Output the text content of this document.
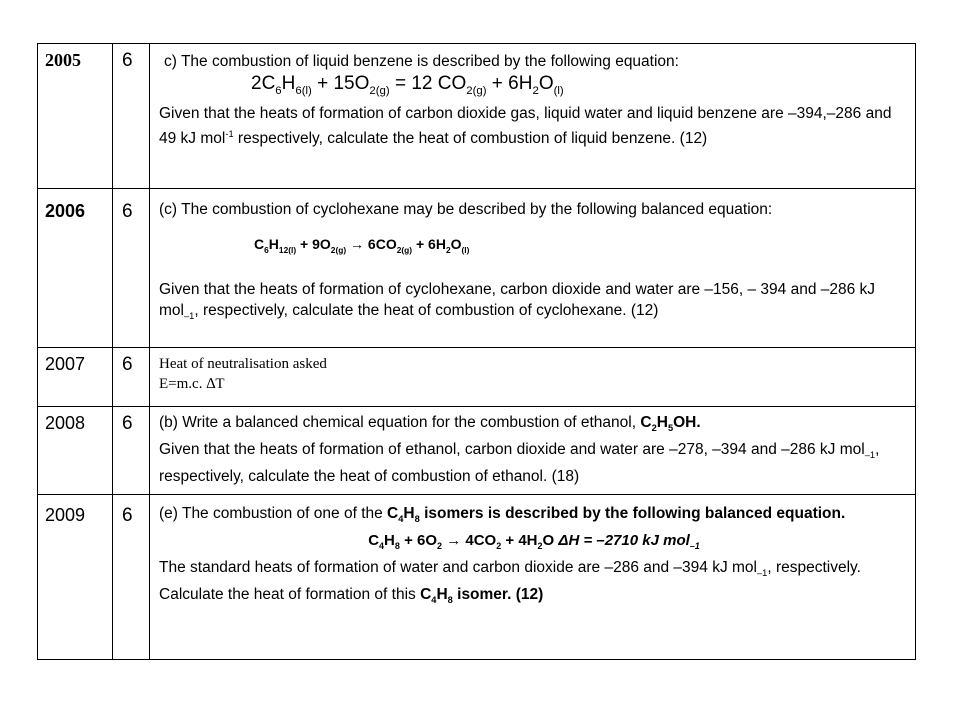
2005	6	c) The combustion of liquid benzene is described by the following equation:
$2C_6H_{6(l)} + 15O_{2(g)} = 12$ $CO_{2(g)} + 6H_2O_{(l)}$
Given that the heats of formation of carbon dioxide gas, liquid water and liquid benzene are –394,–286 and 49 kJ mol$^{-1}$ respectively, calculate the heat of combustion of liquid benzene. (12)

2006	6	(c) The combustion of cyclohexane may be described by the following balanced equation:
$C_6H_{12(l)} + 9O_{2(g)} \to 6CO_{2(g)} + 6H_2O_{(l)}$
Given that the heats of formation of cyclohexane, carbon dioxide and water are –156, – 394 and –286 kJ mol$_{-1}$, respectively, calculate the heat of combustion of cyclohexane. (12)

2007	6	Heat of neutralisation asked
E=m.c. ∆T

2008	6	(b) Write a balanced chemical equation for the combustion of ethanol, $C_2H_5OH$.
Given that the heats of formation of ethanol, carbon dioxide and water are –278, –394 and –286 kJ mol$_{-1}$, respectively, calculate the heat of combustion of ethanol. (18)

2009	6	(e) The combustion of one of the $C_4H_8$ isomers is described by the following balanced equation.
$C_4H_8 + 6O_2 \to 4CO_2 + 4H_2O$ ΔH = –2710 kJ mol$_{-1}$
The standard heats of formation of water and carbon dioxide are –286 and –394 kJ mol$_{-1}$, respectively.
Calculate the heat of formation of this $C_4H_8$ isomer. (12)
